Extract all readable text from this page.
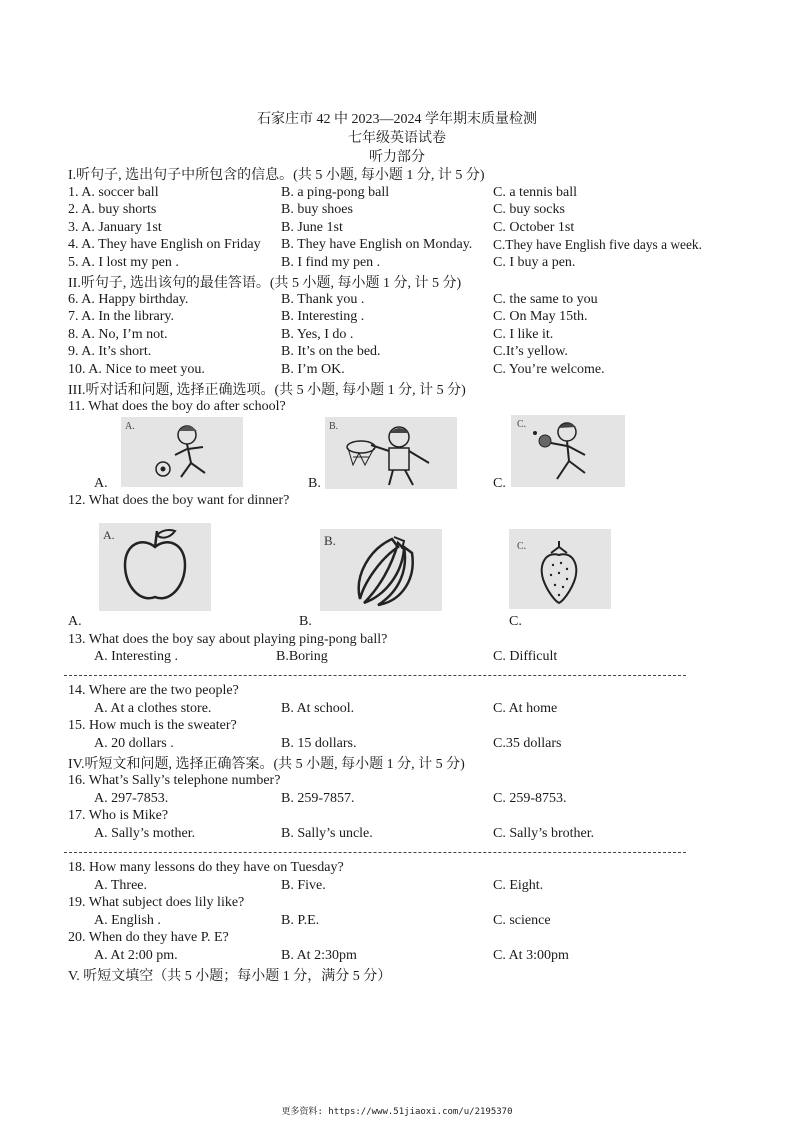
石家庄市 42 中 2023—2024 学年期末质量检测
七年级英语试卷
听力部分
I.听句子, 选出句子中所包含的信息。(共 5 小题, 每小题 1 分, 计 5 分)
1. A. soccer ball	B. a ping-pong ball	C. a tennis ball
2. A. buy shorts	B. buy shoes	C. buy socks
3. A. January 1st	B. June 1st	C. October 1st
4. A. They have English on Friday B. They have English on Monday. C.They have English five days a week.
5. A. I lost my pen .	B. I find my pen .	C. I buy a pen.
II.听句子, 选出该句的最佳答语。(共 5 小题, 每小题 1 分, 计 5 分)
6. A. Happy birthday.	B. Thank you .	C. the same to you
7. A. In the library.	B. Interesting .	C. On May 15th.
8. A. No, I’m not.	B. Yes, I do .	C. I like it.
9. A. It’s short.	B. It’s on the bed.	C.It’s yellow.
10. A. Nice to meet you.	B. I’m OK.	C. You’re welcome.
III.听对话和问题, 选择正确选项。(共 5 小题, 每小题 1 分, 计 5 分)
11. What does the boy do after school?
A.	B.	C.
A.	B.	C.
12. What does the boy want for dinner?
A.	B.	C.
A.	B.	C.
13. What does the boy say about playing ping-pong ball?
A. Interesting .	B.Boring	C. Difficult
14. Where are the two people?
A. At a clothes store.	B. At school.	C. At home
15. How much is the sweater?
A. 20 dollars .	B. 15 dollars.	C.35 dollars
IV.听短文和问题, 选择正确答案。(共 5 小题, 每小题 1 分, 计 5 分)
16. What’s Sally’s telephone number?
A. 297-7853.	B. 259-7857.	C. 259-8753.
17. Who is Mike?
A. Sally’s mother.	B. Sally’s uncle.	C. Sally’s brother.
18. How many lessons do they have on Tuesday?
A. Three.	B. Five.	C. Eight.
19. What subject does lily like?
A. English .	B. P.E.	C. science
20. When do they have P. E?
A. At 2:00 pm.	B. At 2:30pm	C. At 3:00pm
V. 听短文填空（共 5 小题；每小题 1 分，满分 5 分）
更多资料: https://www.51jiaoxi.com/u/2195370
